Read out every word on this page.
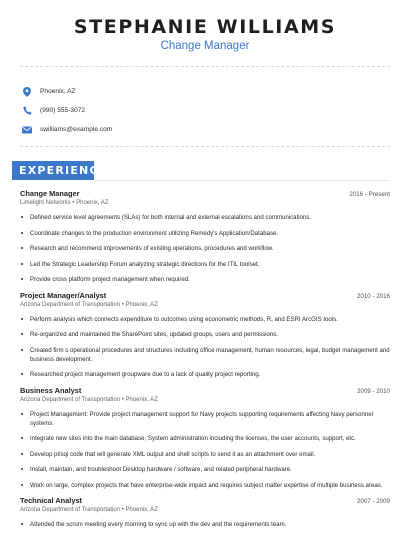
STEPHANIE WILLIAMS
Change Manager
Phoenix, AZ
(990) 555-3072
swilliams@example.com
EXPERIENCE
Change Manager	2016 - Present
Limelight Networks • Phoenix, AZ
Defined service level agreements (SLAs) for both internal and external escalations and communications.
Coordinate changes to the production environment utilizing Remedy's Application/Database.
Research and recommend improvements of existing operations, procedures and workflow.
Led the Strategic Leadership Forum analyzing strategic directions for the ITIL toolset.
Provide cross platform project management when required.
Project Manager/Analyst	2010 - 2016
Arizona Department of Transportation • Phoenix, AZ
Perform analysis which connects expenditure to outcomes using econometric methods, R, and ESRI ArcGIS tools.
Re-organized and maintained the SharePoint sites, updated groups, users and permissions.
Created firm s operational procedures and structures including office management, human resources, legal, budget management and business development.
Researched project management groupware due to a lack of quality project reporting.
Business Analyst	2009 - 2010
Arizona Department of Transportation • Phoenix, AZ
Project Management: Provide project management support for Navy projects supporting requirements affecting Navy personnel systems.
Integrate new sites into the main database, System administration including the licenses, the user accounts, support, etc.
Develop pl/sql code that will generate XML output and shell scripts to send it as an attachment over email.
Install, maintain, and troubleshoot Desktop hardware / software, and related peripheral hardware.
Work on large, complex projects that have enterprise-wide impact and requires subject matter expertise of multiple business areas.
Technical Analyst	2007 - 2009
Arizona Department of Transportation • Phoenix, AZ
Attended the scrum meeting every morning to sync up with the dev and the requirements team.
